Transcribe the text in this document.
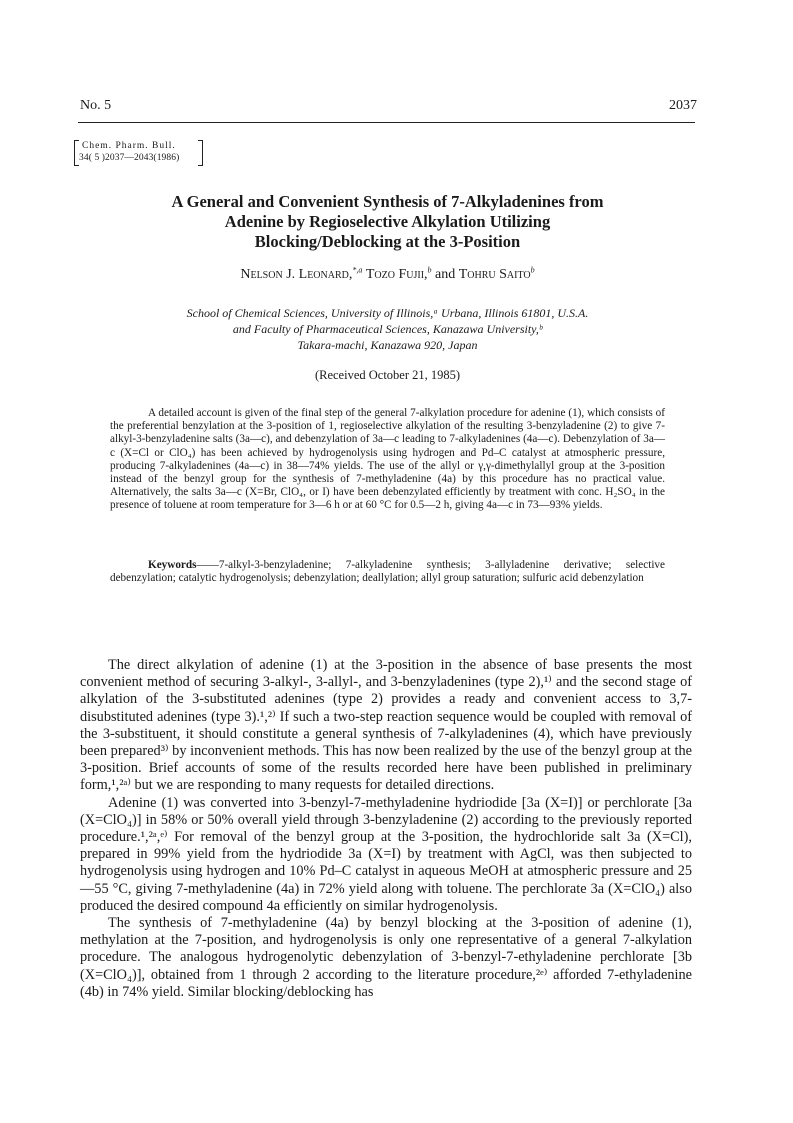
No. 5	2037
Chem. Pharm. Bull.
34( 5 )2037—2043(1986)
A General and Convenient Synthesis of 7-Alkyladenines from
Adenine by Regioselective Alkylation Utilizing
Blocking/Deblocking at the 3-Position
Nelson J. Leonard,$^{*,a}$ Tozo Fujii,$^b$ and Tohru Saito$^b$
School of Chemical Sciences, University of Illinois,ᵃ Urbana, Illinois 61801, U.S.A.
and Faculty of Pharmaceutical Sciences, Kanazawa University,ᵇ
Takara-machi, Kanazawa 920, Japan
(Received October 21, 1985)

A detailed account is given of the final step of the general 7-alkylation procedure for adenine (1), which consists of the preferential benzylation at the 3-position of 1, regioselective alkylation of the resulting 3-benzyladenine (2) to give 7-alkyl-3-benzyladenine salts (3a—c), and debenzylation of 3a—c leading to 7-alkyladenines (4a—c). Debenzylation of 3a—c (X=Cl or ClO₄) has been achieved by hydrogenolysis using hydrogen and Pd–C catalyst at atmospheric pressure, producing 7-alkyladenines (4a—c) in 38—74% yields. The use of the allyl or γ,γ-dimethylallyl group at the 3-position instead of the benzyl group for the synthesis of 7-methyladenine (4a) by this procedure has no practical value. Alternatively, the salts 3a—c (X=Br, ClO₄, or I) have been debenzylated efficiently by treatment with conc. H₂SO₄ in the presence of toluene at room temperature for 3—6 h or at 60 °C for 0.5—2 h, giving 4a—c in 73—93% yields.

Keywords——7-alkyl-3-benzyladenine; 7-alkyladenine synthesis; 3-allyladenine derivative; selective debenzylation; catalytic hydrogenolysis; debenzylation; deallylation; allyl group saturation; sulfuric acid debenzylation

The direct alkylation of adenine (1) at the 3-position in the absence of base presents the most convenient method of securing 3-alkyl-, 3-allyl-, and 3-benzyladenines (type 2),¹⁾ and the second stage of alkylation of the 3-substituted adenines (type 2) provides a ready and convenient access to 3,7-disubstituted adenines (type 3).¹,²⁾ If such a two-step reaction sequence would be coupled with removal of the 3-substituent, it should constitute a general synthesis of 7-alkyladenines (4), which have previously been prepared³⁾ by inconvenient methods. This has now been realized by the use of the benzyl group at the 3-position. Brief accounts of some of the results recorded here have been published in preliminary form,¹,²ᵃ⁾ but we are responding to many requests for detailed directions.

Adenine (1) was converted into 3-benzyl-7-methyladenine hydriodide [3a (X=I)] or perchlorate [3a (X=ClO₄)] in 58% or 50% overall yield through 3-benzyladenine (2) according to the previously reported procedure.¹,²ᵃ,ᵉ⁾ For removal of the benzyl group at the 3-position, the hydrochloride salt 3a (X=Cl), prepared in 99% yield from the hydriodide 3a (X=I) by treatment with AgCl, was then subjected to hydrogenolysis using hydrogen and 10% Pd–C catalyst in aqueous MeOH at atmospheric pressure and 25—55 °C, giving 7-methyladenine (4a) in 72% yield along with toluene. The perchlorate 3a (X=ClO₄) also produced the desired compound 4a efficiently on similar hydrogenolysis.

The synthesis of 7-methyladenine (4a) by benzyl blocking at the 3-position of adenine (1), methylation at the 7-position, and hydrogenolysis is only one representative of a general 7-alkylation procedure. The analogous hydrogenolytic debenzylation of 3-benzyl-7-ethyladenine perchlorate [3b (X=ClO₄)], obtained from 1 through 2 according to the literature procedure,²ᵉ⁾ afforded 7-ethyladenine (4b) in 74% yield. Similar blocking/deblocking has
